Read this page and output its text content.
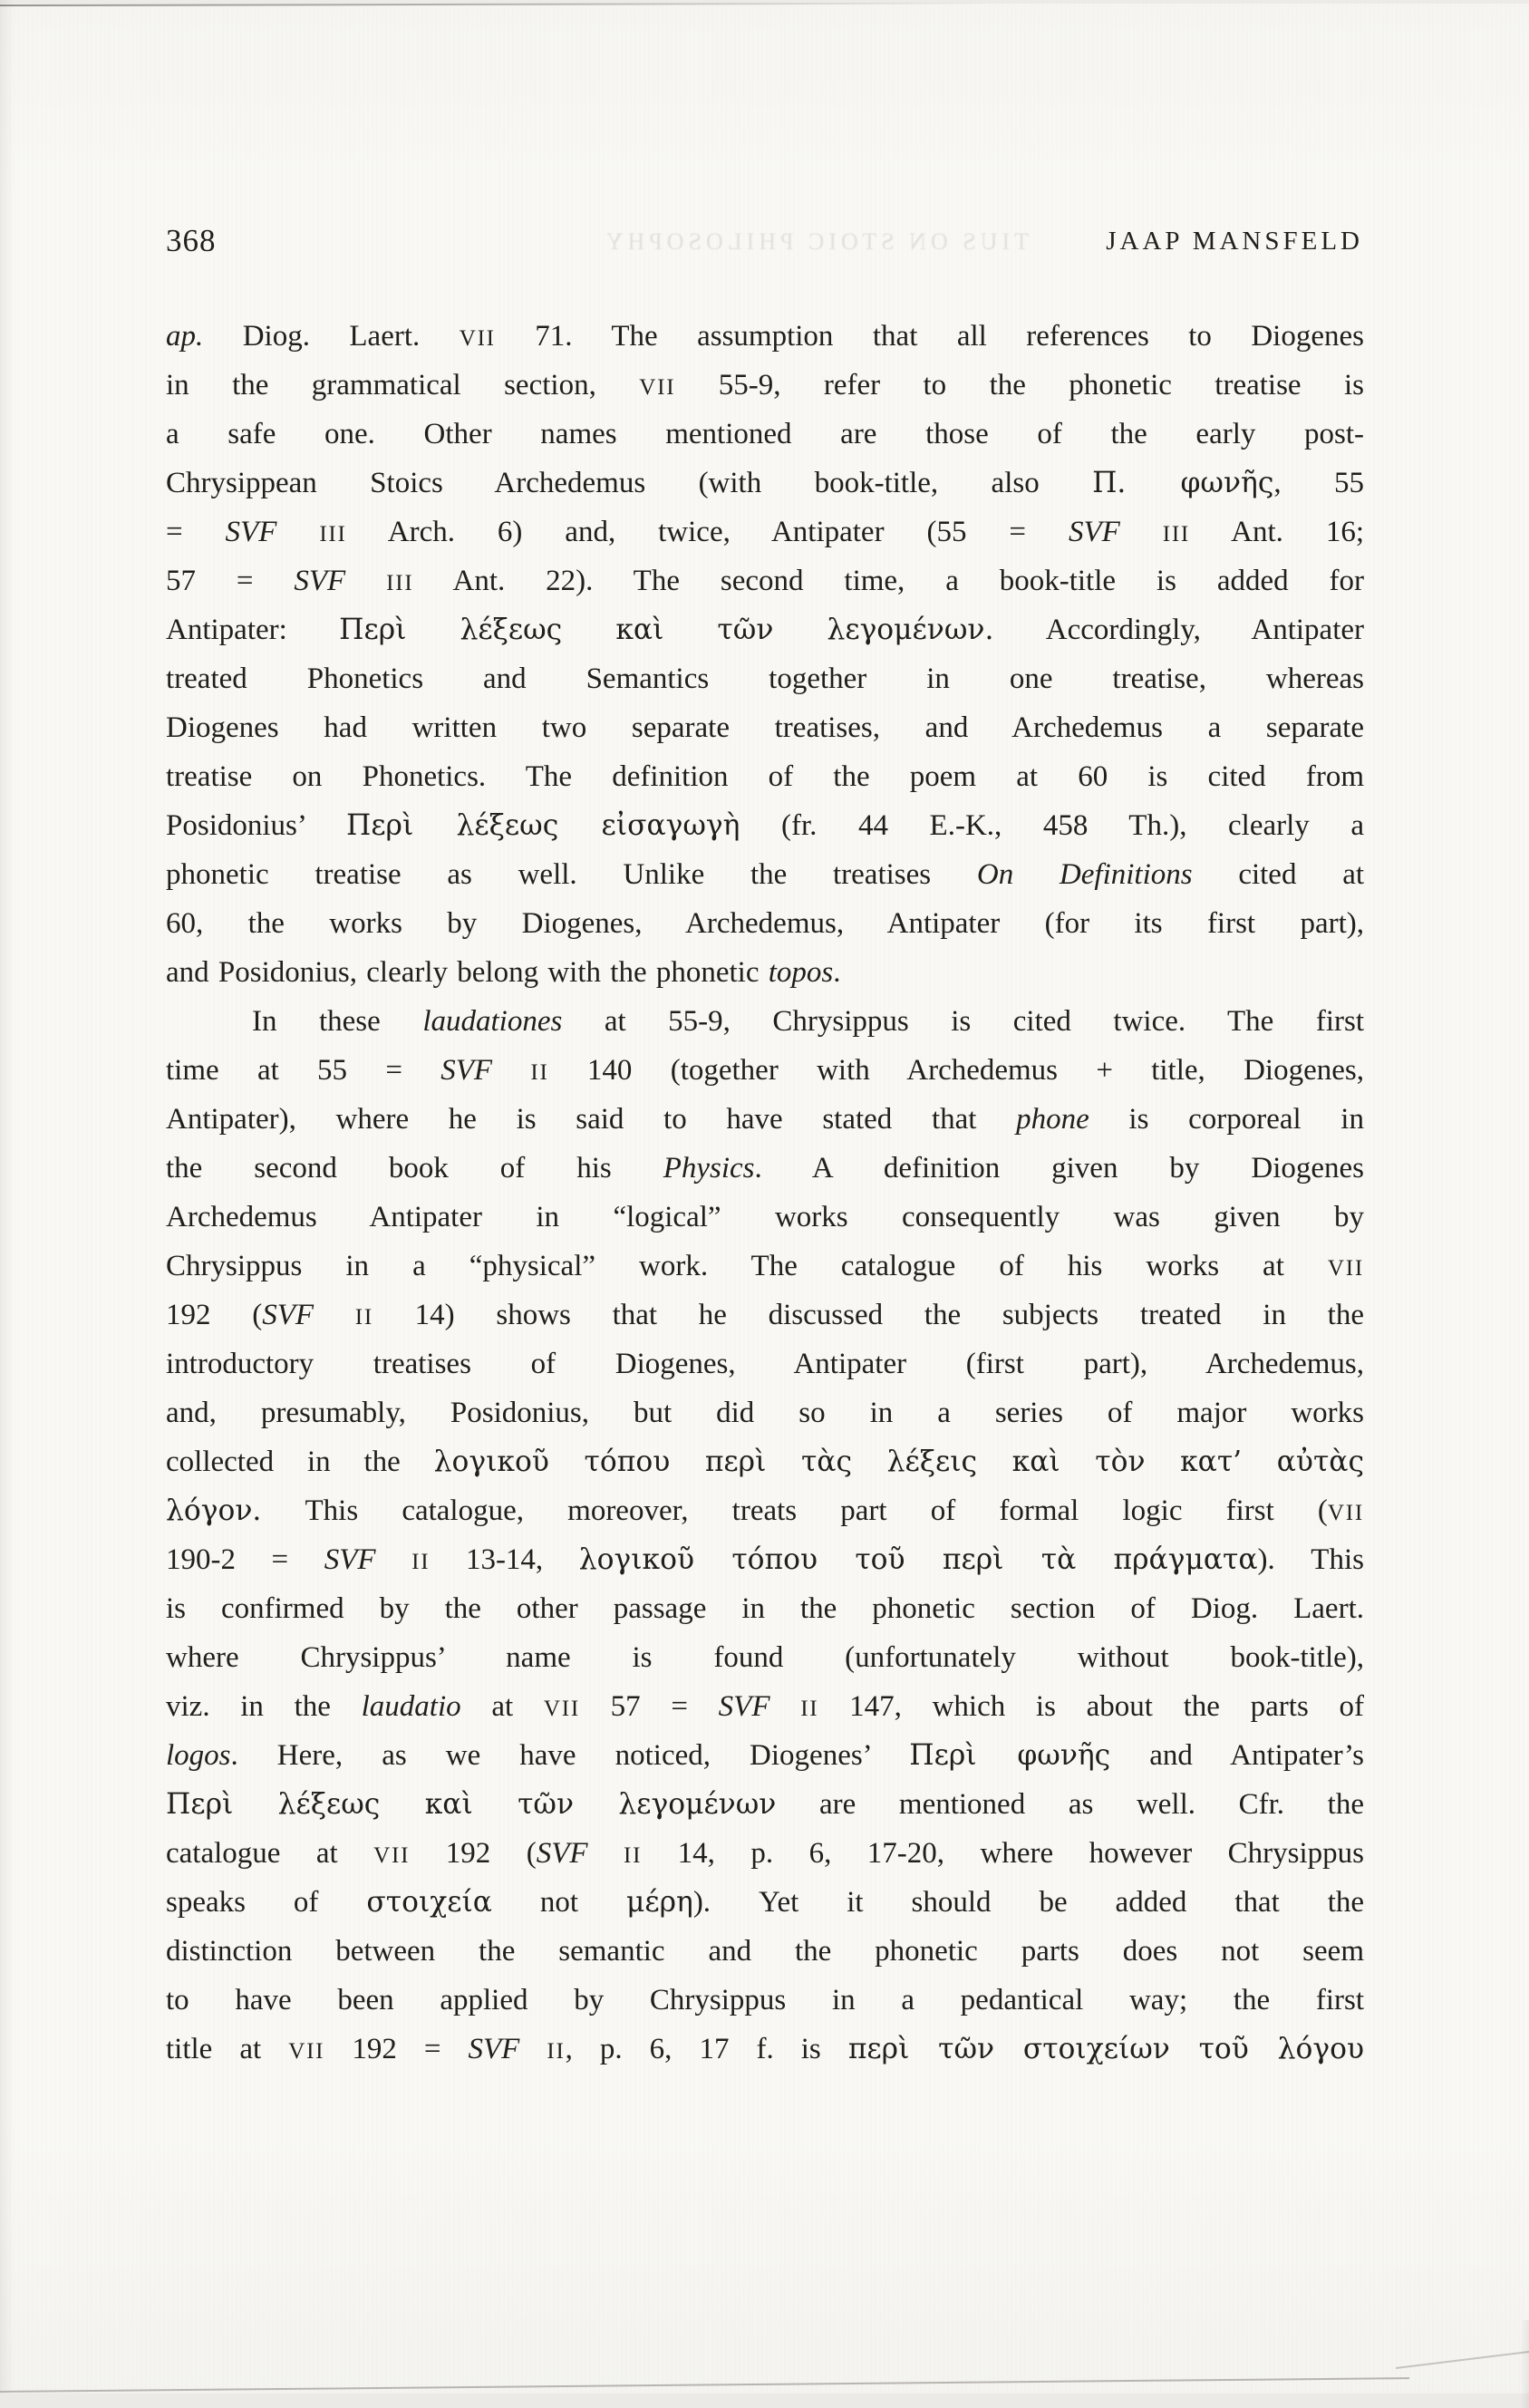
368	TIUS ON STOIC PHILOSOPHY	JAAP MANSFELD
ap. Diog. Laert. VII 71. The assumption that all references to Diogenes
in the grammatical section, VII 55-9, refer to the phonetic treatise is
a safe one. Other names mentioned are those of the early post-
Chrysippean Stoics Archedemus (with book-title, also Π. φωνῆς, 55
= SVF III Arch. 6) and, twice, Antipater (55 = SVF III Ant. 16;
57 = SVF III Ant. 22). The second time, a book-title is added for
Antipater: Περὶ λέξεως καὶ τῶν λεγομένων. Accordingly, Antipater
treated Phonetics and Semantics together in one treatise, whereas
Diogenes had written two separate treatises, and Archedemus a separate
treatise on Phonetics. The definition of the poem at 60 is cited from
Posidonius’ Περὶ λέξεως εἰσαγωγὴ (fr. 44 E.-K., 458 Th.), clearly a
phonetic treatise as well. Unlike the treatises On Definitions cited at
60, the works by Diogenes, Archedemus, Antipater (for its first part),
and Posidonius, clearly belong with the phonetic topos.
In these laudationes at 55-9, Chrysippus is cited twice. The first
time at 55 = SVF II 140 (together with Archedemus + title, Diogenes,
Antipater), where he is said to have stated that phone is corporeal in
the second book of his Physics. A definition given by Diogenes
Archedemus Antipater in “logical” works consequently was given by
Chrysippus in a “physical” work. The catalogue of his works at VII
192 (SVF II 14) shows that he discussed the subjects treated in the
introductory treatises of Diogenes, Antipater (first part), Archedemus,
and, presumably, Posidonius, but did so in a series of major works
collected in the λογικοῦ τόπου περὶ τὰς λέξεις καὶ τὸν κατ’ αὐτὰς
λόγον. This catalogue, moreover, treats part of formal logic first (VII
190-2 = SVF II 13-14, λογικοῦ τόπου τοῦ περὶ τὰ πράγματα). This
is confirmed by the other passage in the phonetic section of Diog. Laert.
where Chrysippus’ name is found (unfortunately without book-title),
viz. in the laudatio at VII 57 = SVF II 147, which is about the parts of
logos. Here, as we have noticed, Diogenes’ Περὶ φωνῆς and Antipater’s
Περὶ λέξεως καὶ τῶν λεγομένων are mentioned as well. Cfr. the
catalogue at VII 192 (SVF II 14, p. 6, 17-20, where however Chrysippus
speaks of στοιχεία not μέρη). Yet it should be added that the
distinction between the semantic and the phonetic parts does not seem
to have been applied by Chrysippus in a pedantical way; the first
title at VII 192 = SVF II, p. 6, 17 f. is περὶ τῶν στοιχείων τοῦ λόγου
